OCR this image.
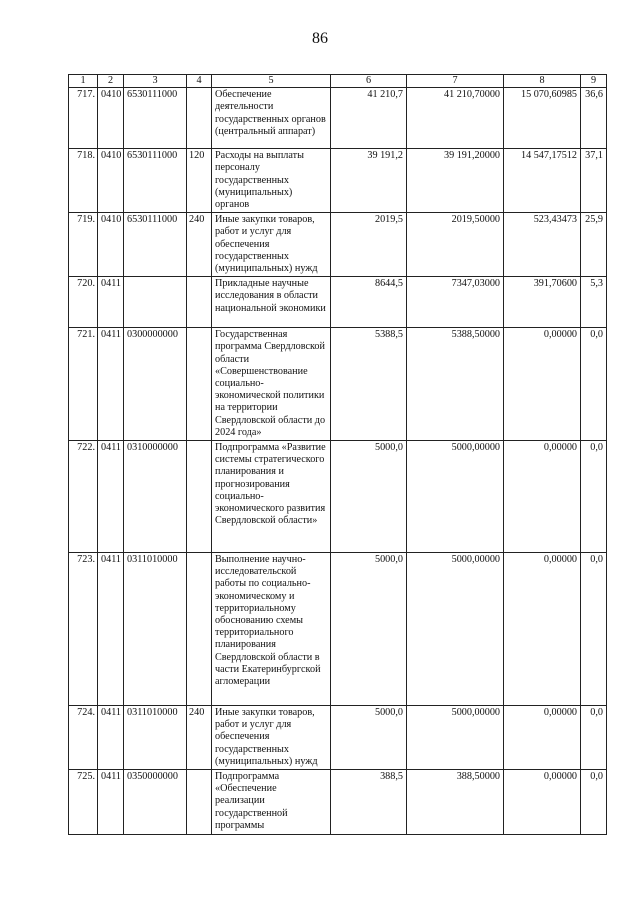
86
1	2	3	4	5	6	7	8	9
717.	0410	6530111000		Обеспечение деятельности государственных органов (центральный аппарат)	41 210,7	41 210,70000	15 070,60985	36,6
718.	0410	6530111000	120	Расходы на выплаты персоналу государственных (муниципальных) органов	39 191,2	39 191,20000	14 547,17512	37,1
719.	0410	6530111000	240	Иные закупки товаров, работ и услуг для обеспечения государственных (муниципальных) нужд	2019,5	2019,50000	523,43473	25,9
720.	0411			Прикладные научные исследования в области национальной экономики	8644,5	7347,03000	391,70600	5,3
721.	0411	0300000000		Государственная программа Свердловской области «Совершенствование социально-экономической политики на территории Свердловской области до 2024 года»	5388,5	5388,50000	0,00000	0,0
722.	0411	0310000000		Подпрограмма «Развитие системы стратегического планирования и прогнозирования социально-экономического развития Свердловской области»	5000,0	5000,00000	0,00000	0,0
723.	0411	0311010000		Выполнение научно-исследовательской работы по социально-экономическому и территориальному обоснованию схемы территориального планирования Свердловской области в части Екатеринбургской агломерации	5000,0	5000,00000	0,00000	0,0
724.	0411	0311010000	240	Иные закупки товаров, работ и услуг для обеспечения государственных (муниципальных) нужд	5000,0	5000,00000	0,00000	0,0
725.	0411	0350000000		Подпрограмма «Обеспечение реализации государственной программы	388,5	388,50000	0,00000	0,0
